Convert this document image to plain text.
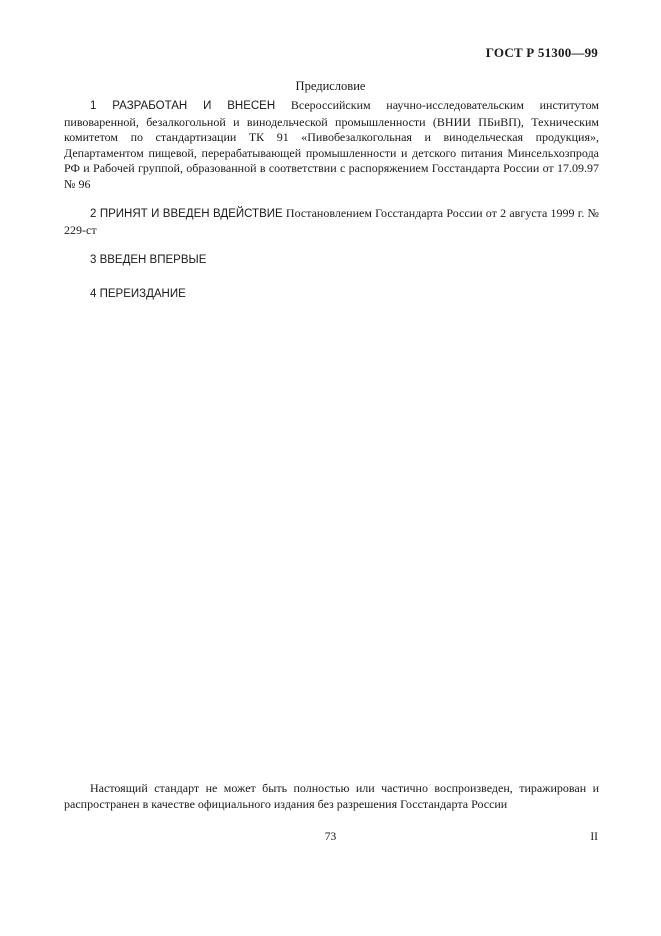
ГОСТ Р 51300—99
Предисловие

1 РАЗРАБОТАН И ВНЕСЕН Всероссийским научно-исследовательским институтом пивоваренной, безалкогольной и винодельческой промышленности (ВНИИ ПБиВП), Техническим комитетом по стандартизации ТК 91 «Пивобезалкогольная и винодельческая продукция», Департаментом пищевой, перерабатывающей промышленности и детского питания Минсельхозпрода РФ и Рабочей группой, образованной в соответствии с распоряжением Госстандарта России от 17.09.97 № 96

2 ПРИНЯТ И ВВЕДЕН ВДЕЙСТВИЕ Постановлением Госстандарта России от 2 августа 1999 г. № 229-ст

3 ВВЕДЕН ВПЕРВЫЕ

4 ПЕРЕИЗДАНИЕ

Настоящий стандарт не может быть полностью или частично воспроизведен, тиражирован и распространен в качестве официального издания без разрешения Госстандарта России

73	II
